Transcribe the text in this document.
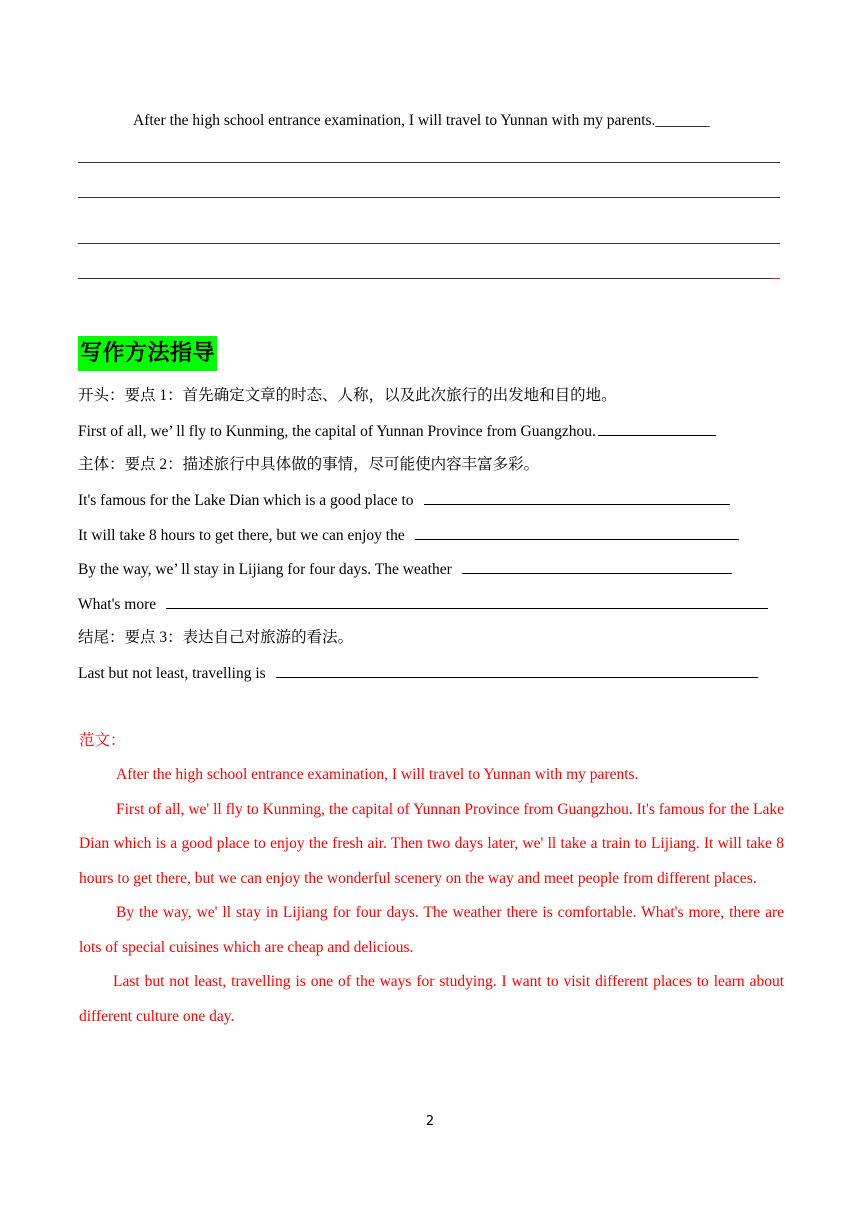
After the high school entrance examination, I will travel to Yunnan with my parents._______
写作方法指导
开头：要点 1：首先确定文章的时态、人称，以及此次旅行的出发地和目的地。
First of all, we’ ll fly to Kunming, the capital of Yunnan Province from Guangzhou.
主体：要点 2：描述旅行中具体做的事情，尽可能使内容丰富多彩。
It's famous for the Lake Dian which is a good place to
It will take 8 hours to get there, but we can enjoy the
By the way, we’ ll stay in Lijiang for four days. The weather
What's more
结尾：要点 3：表达自己对旅游的看法。
Last but not least, travelling is
范文：

After the high school entrance examination, I will travel to Yunnan with my parents.

First of all, we' ll fly to Kunming, the capital of Yunnan Province from Guangzhou. It's famous for the Lake Dian which is a good place to enjoy the fresh air. Then two days later, we' ll take a train to Lijiang. It will take 8 hours to get there, but we can enjoy the wonderful scenery on the way and meet people from different places.

By the way, we' ll stay in Lijiang for four days. The weather there is comfortable. What's more, there are lots of special cuisines which are cheap and delicious.

Last but not least, travelling is one of the ways for studying. I want to visit different places to learn about different culture one day.

2
